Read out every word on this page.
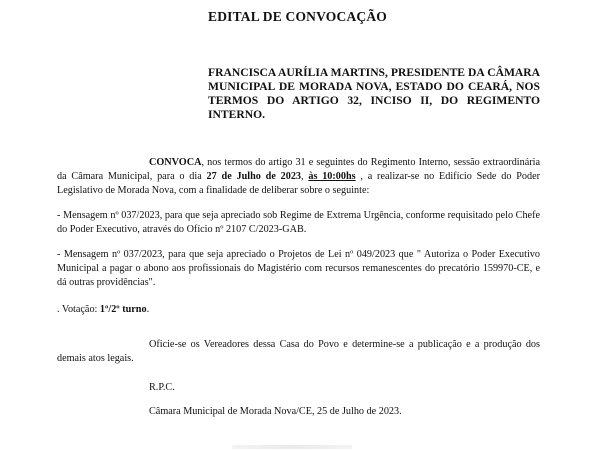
EDITAL DE CONVOCAÇÃO
FRANCISCA AURÍLIA MARTINS, PRESIDENTE DA CÂMARA MUNICIPAL DE MORADA NOVA, ESTADO DO CEARÁ, NOS TERMOS DO ARTIGO 32, INCISO II, DO REGIMENTO INTERNO.
CONVOCA, nos termos do artigo 31 e seguintes do Regimento Interno, sessão extraordinária da Câmara Municipal, para o dia 27 de Julho de 2023, às 10:00hs , a realizar-se no Edifício Sede do Poder Legislativo de Morada Nova, com a finalidade de deliberar sobre o seguinte:
- Mensagem nº 037/2023, para que seja apreciado sob Regime de Extrema Urgência, conforme requisitado pelo Chefe do Poder Executivo, através do Ofício nº 2107 C/2023-GAB.
- Mensagem nº 037/2023, para que seja apreciado o Projetos de Lei nº 049/2023 que " Autoriza o Poder Executivo Municipal a pagar o abono aos profissionais do Magistério com recursos remanescentes do precatório 159970-CE, e dá outras providências".
. Votação: 1º/2º turno.
Oficie-se os Vereadores dessa Casa do Povo e determine-se a publicação e a produção dos demais atos legais.
R.P.C.
Câmara Municipal de Morada Nova/CE, 25 de Julho de 2023.
